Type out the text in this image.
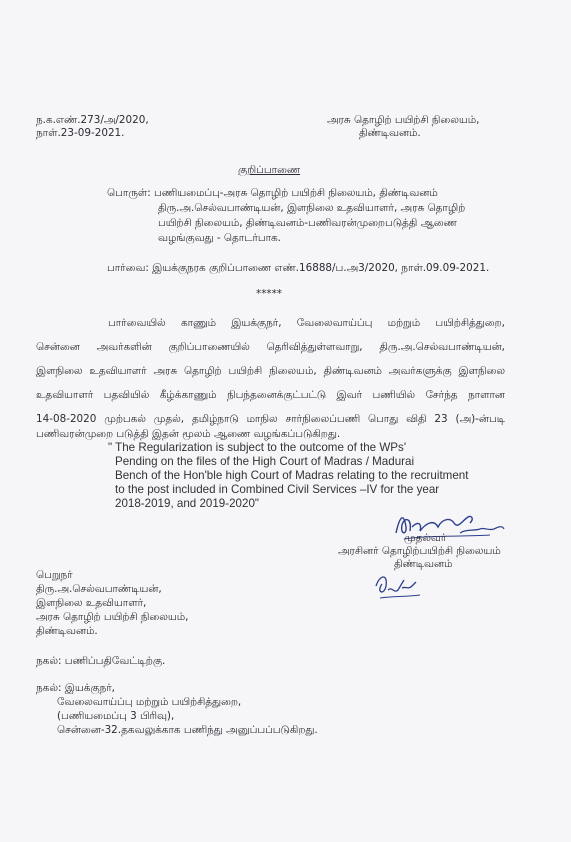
ந.க.எண்.273/அ/2020,
நாள்.23-09-2021.
அரசு தொழிற் பயிற்சி நிலையம்,
திண்டிவனம்.
குறிப்பாணை
பொருள்: பணியமைப்பு-அரசு தொழிற் பயிற்சி நிலையம், திண்டிவனம்
திரு.அ.செல்வபாண்டியன், இளநிலை உதவியாளர், அரசு தொழிற்
பயிற்சி நிலையம், திண்டிவனம்-பணிவரன்முறைபடுத்தி ஆணை
வழங்குவது - தொடர்பாக.
பார்வை: இயக்குநரக குறிப்பாணை எண்.16888/ப.அ3/2020, நாள்.09.09-2021.
*****
பார்வையில் காணும் இயக்குநர், வேலைவாய்ப்பு மற்றும் பயிற்சித்துறை,
சென்னை அவர்களின் குறிப்பாணையில் தெரிவித்துள்ளவாறு, திரு.அ.செல்வபாண்டியன்,
இளநிலை உதவியாளர் அரசு தொழிற் பயிற்சி நிலையம், திண்டிவனம் அவர்களுக்கு இளநிலை
உதவியாளர் பதவியில் கீழ்க்காணும் நிபந்தனைக்குட்பட்டு இவர் பணியில் சேர்ந்த நாளான
14-08-2020 முற்பகல் முதல், தமிழ்நாடு மாநில சார்நிலைப்பணி பொது விதி 23 (அ)-ன்படி
பணிவரன்முறை படுத்தி இதன் மூலம் ஆணை வழங்கப்படுகிறது.
" The Regularization is subject to the outcome of the WPs'
Pending on the files of the High Court of Madras / Madurai
Bench of the Hon'ble high Court of Madras relating to the recruitment
to the post included in Combined Civil Services –IV for the year
2018-2019, and 2019-2020"
முதல்வர்
அரசினர் தொழிற்பயிற்சி நிலையம்
திண்டிவனம்
பெறுநர்
திரு.அ.செல்வபாண்டியன்,
இளநிலை உதவியாளர்,
அரசு தொழிற் பயிற்சி நிலையம்,
திண்டிவனம்.
நகல்: பணிப்பதிவேட்டிற்கு.
நகல்: இயக்குநர்,
வேலைவாய்ப்பு மற்றும் பயிற்சித்துறை,
(பணியமைப்பு 3 பிரிவு),
சென்னை-32.தகவலுக்காக பணிந்து அனுப்பப்படுகிறது.
